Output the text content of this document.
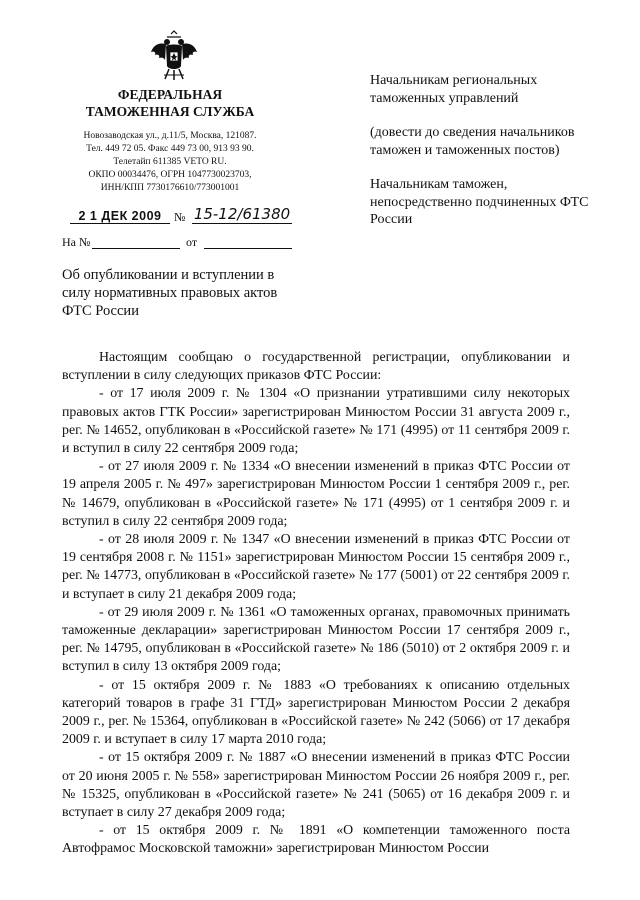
ФЕДЕРАЛЬНАЯ
ТАМОЖЕННАЯ СЛУЖБА
Новозаводская ул., д.11/5, Москва, 121087.
Тел. 449 72 05. Факс 449 73 00, 913 93 90.
Телетайп 611385 VETO RU.
ОКПО 00034476, ОГРН 1047730023703,
ИНН/КПП 7730176610/773001001
2 1 ДЕК 2009	№ 15-12/61380
На №	от
Об опубликовании и вступлении в силу нормативных правовых актов ФТС России

Начальникам региональных таможенных управлений

(довести до сведения начальников таможен и таможенных постов)

Начальникам таможен, непосредственно подчиненных ФТС России

Настоящим сообщаю о государственной регистрации, опубликовании и вступлении в силу следующих приказов ФТС России:

- от 17 июля 2009 г. № 1304 «О признании утратившими силу некоторых правовых актов ГТК России» зарегистрирован Минюстом России 31 августа 2009 г., рег. № 14652, опубликован в «Российской газете» № 171 (4995) от 11 сентября 2009 г. и вступил в силу 22 сентября 2009 года;

- от 27 июля 2009 г. № 1334 «О внесении изменений в приказ ФТС России от 19 апреля 2005 г. № 497» зарегистрирован Минюстом России 1 сентября 2009 г., рег. № 14679, опубликован в «Российской газете» № 171 (4995) от 1 сентября 2009 г. и вступил в силу 22 сентября 2009 года;

- от 28 июля 2009 г. № 1347 «О внесении изменений в приказ ФТС России от 19 сентября 2008 г. № 1151» зарегистрирован Минюстом России 15 сентября 2009 г., рег. № 14773, опубликован в «Российской газете» № 177 (5001) от 22 сентября 2009 г. и вступает в силу 21 декабря 2009 года;

- от 29 июля 2009 г. № 1361 «О таможенных органах, правомочных принимать таможенные декларации» зарегистрирован Минюстом России 17 сентября 2009 г., рег. № 14795, опубликован в «Российской газете» № 186 (5010) от 2 октября 2009 г. и вступил в силу 13 октября 2009 года;

- от 15 октября 2009 г. № 1883 «О требованиях к описанию отдельных категорий товаров в графе 31 ГТД» зарегистрирован Минюстом России 2 декабря 2009 г., рег. № 15364, опубликован в «Российской газете» № 242 (5066) от 17 декабря 2009 г. и вступает в силу 17 марта 2010 года;

- от 15 октября 2009 г. № 1887 «О внесении изменений в приказ ФТС России от 20 июня 2005 г. № 558» зарегистрирован Минюстом России 26 ноября 2009 г., рег. № 15325, опубликован в «Российской газете» № 241 (5065) от 16 декабря 2009 г. и вступает в силу 27 декабря 2009 года;

- от 15 октября 2009 г. № 1891 «О компетенции таможенного поста Автофрамос Московской таможни» зарегистрирован Минюстом России
